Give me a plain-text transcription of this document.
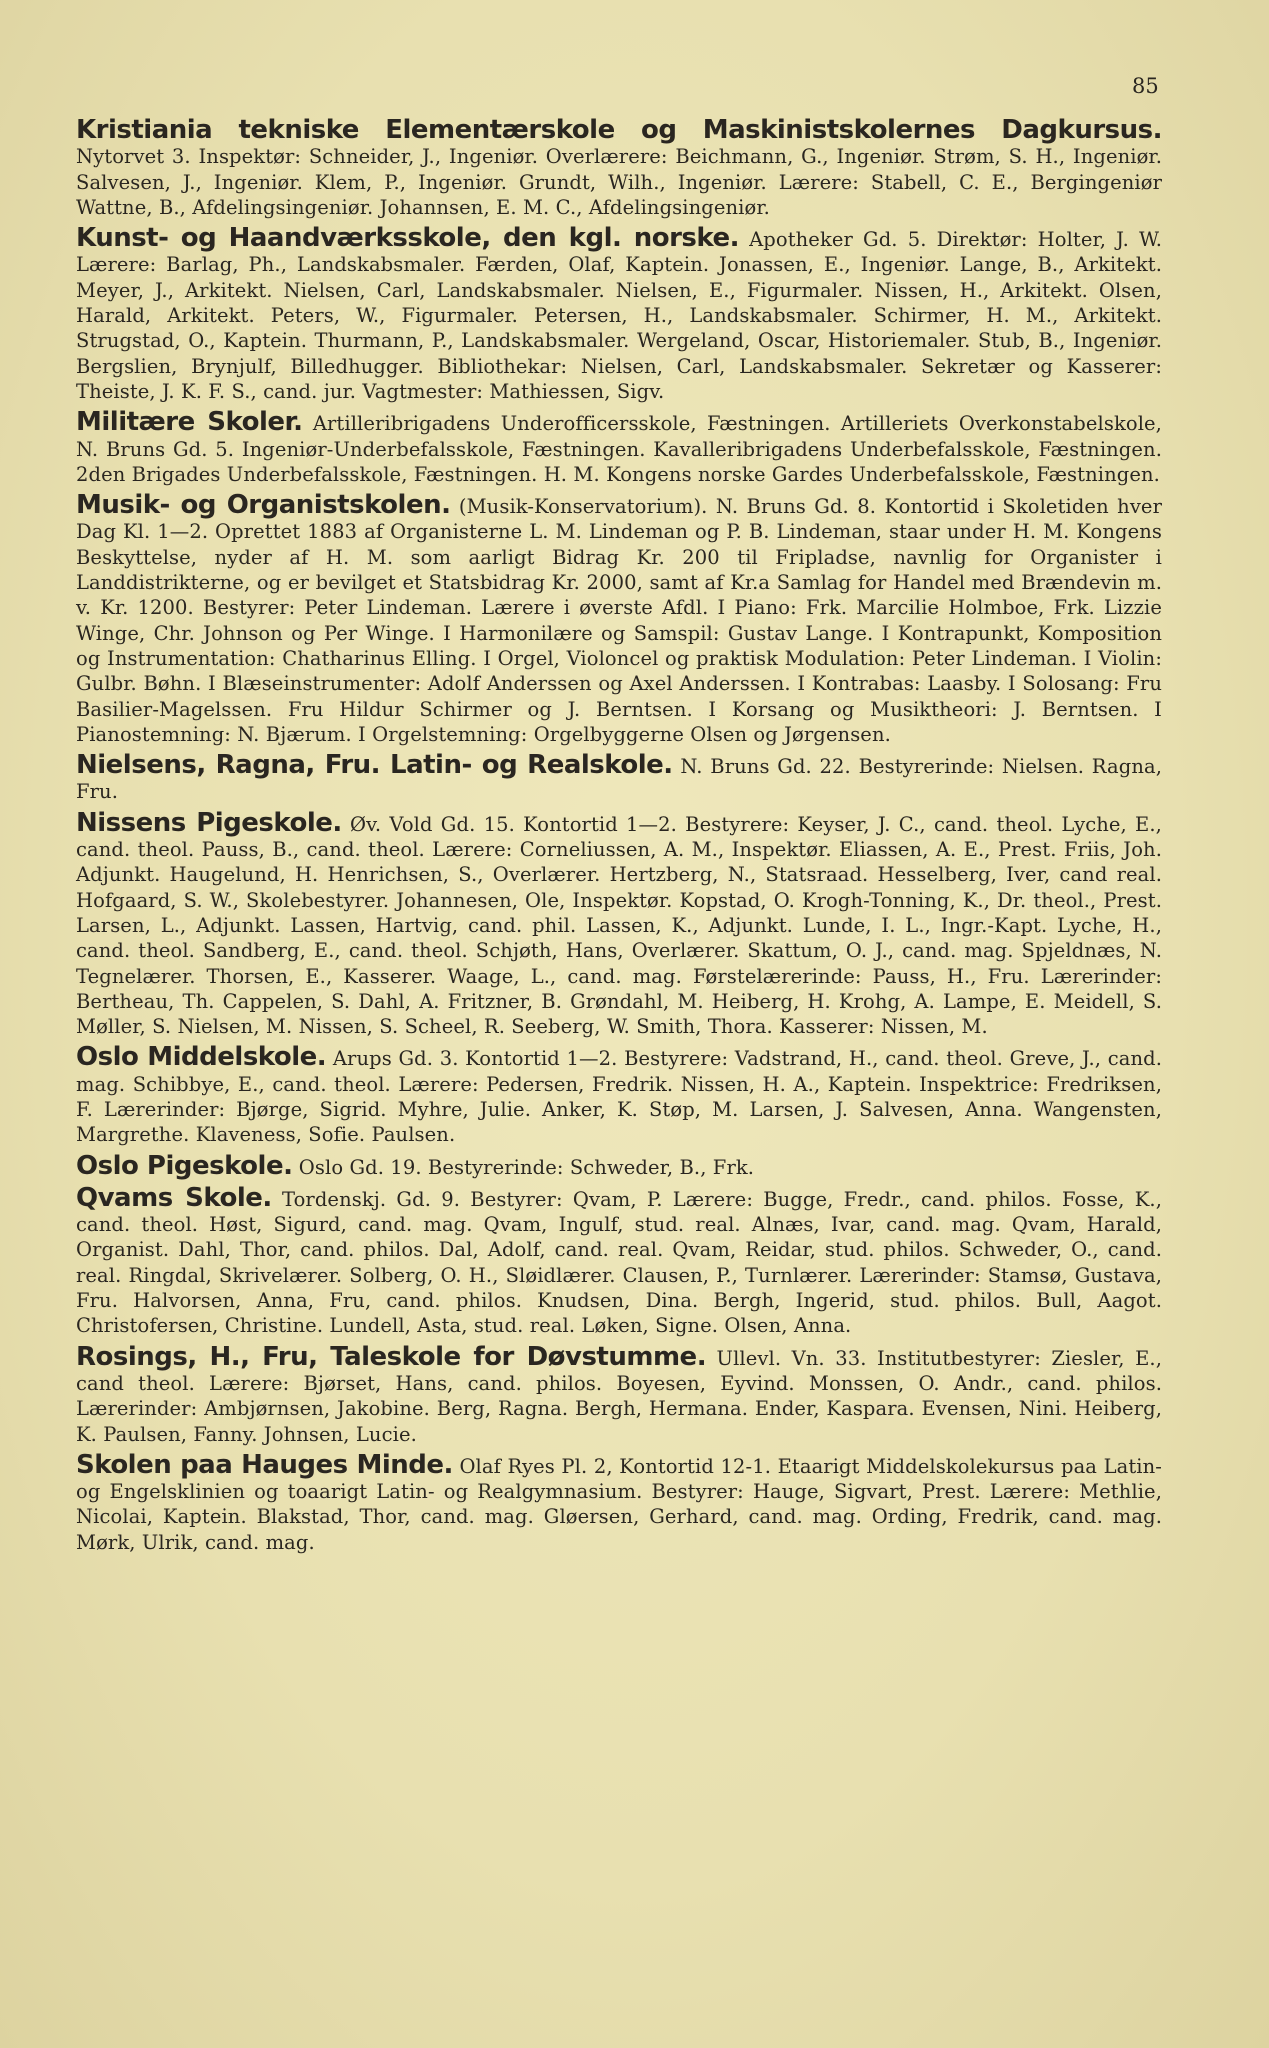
85

Kristiania tekniske Elementærskole og Maskinistskolernes Dagkursus. Nytorvet 3. Inspektør: Schneider, J., Ingeniør. Overlærere: Beichmann, G., Ingeniør. Strøm, S. H., Ingeniør. Salvesen, J., Ingeniør. Klem, P., Ingeniør. Grundt, Wilh., Ingeniør. Lærere: Stabell, C. E., Bergingeniør Wattne, B., Afdelingsingeniør. Johannsen, E. M. C., Afdelingsingeniør.

Kunst- og Haandværksskole, den kgl. norske. Apotheker Gd. 5. Direktør: Holter, J. W. Lærere: Barlag, Ph., Landskabsmaler. Færden, Olaf, Kaptein. Jonassen, E., Ingeniør. Lange, B., Arkitekt. Meyer, J., Arkitekt. Nielsen, Carl, Landskabsmaler. Nielsen, E., Figurmaler. Nissen, H., Arkitekt. Olsen, Harald, Arkitekt. Peters, W., Figurmaler. Petersen, H., Landskabsmaler. Schirmer, H. M., Arkitekt. Strugstad, O., Kaptein. Thurmann, P., Landskabsmaler. Wergeland, Oscar, Historiemaler. Stub, B., Ingeniør. Bergslien, Brynjulf, Billedhugger. Bibliothekar: Nielsen, Carl, Landskabsmaler. Sekretær og Kasserer: Theiste, J. K. F. S., cand. jur. Vagtmester: Mathiessen, Sigv.

Militære Skoler. Artilleribrigadens Underofficersskole, Fæstningen. Artilleriets Overkonstabelskole, N. Bruns Gd. 5. Ingeniør-Underbefalsskole, Fæstningen. Kavalleribrigadens Underbefalsskole, Fæstningen. 2den Brigades Underbefalsskole, Fæstningen. H. M. Kongens norske Gardes Underbefalsskole, Fæstningen.

Musik- og Organistskolen. (Musik-Konservatorium). N. Bruns Gd. 8. Kontortid i Skoletiden hver Dag Kl. 1—2. Oprettet 1883 af Organisterne L. M. Lindeman og P. B. Lindeman, staar under H. M. Kongens Beskyttelse, nyder af H. M. som aarligt Bidrag Kr. 200 til Fripladse, navnlig for Organister i Landdistrikterne, og er bevilget et Statsbidrag Kr. 2000, samt af Kr.a Samlag for Handel med Brændevin m. v. Kr. 1200. Bestyrer: Peter Lindeman. Lærere i øverste Afdl. I Piano: Frk. Marcilie Holmboe, Frk. Lizzie Winge, Chr. Johnson og Per Winge. I Harmonilære og Samspil: Gustav Lange. I Kontrapunkt, Komposition og Instrumentation: Chatharinus Elling. I Orgel, Violoncel og praktisk Modulation: Peter Lindeman. I Violin: Gulbr. Bøhn. I Blæseinstrumenter: Adolf Anderssen og Axel Anderssen. I Kontrabas: Laasby. I Solosang: Fru Basilier-Magelssen. Fru Hildur Schirmer og J. Berntsen. I Korsang og Musiktheori: J. Berntsen. I Pianostemning: N. Bjærum. I Orgelstemning: Orgelbyggerne Olsen og Jørgensen.

Nielsens, Ragna, Fru. Latin- og Realskole. N. Bruns Gd. 22. Bestyrerinde: Nielsen. Ragna, Fru.

Nissens Pigeskole. Øv. Vold Gd. 15. Kontortid 1—2. Bestyrere: Keyser, J. C., cand. theol. Lyche, E., cand. theol. Pauss, B., cand. theol. Lærere: Corneliussen, A. M., Inspektør. Eliassen, A. E., Prest. Friis, Joh. Adjunkt. Haugelund, H. Henrichsen, S., Overlærer. Hertzberg, N., Statsraad. Hesselberg, Iver, cand real. Hofgaard, S. W., Skolebestyrer. Johannesen, Ole, Inspektør. Kopstad, O. Krogh-Tonning, K., Dr. theol., Prest. Larsen, L., Adjunkt. Lassen, Hartvig, cand. phil. Lassen, K., Adjunkt. Lunde, I. L., Ingr.-Kapt. Lyche, H., cand. theol. Sandberg, E., cand. theol. Schjøth, Hans, Overlærer. Skattum, O. J., cand. mag. Spjeldnæs, N. Tegnelærer. Thorsen, E., Kasserer. Waage, L., cand. mag. Førstelærerinde: Pauss, H., Fru. Lærerinder: Bertheau, Th. Cappelen, S. Dahl, A. Fritzner, B. Grøndahl, M. Heiberg, H. Krohg, A. Lampe, E. Meidell, S. Møller, S. Nielsen, M. Nissen, S. Scheel, R. Seeberg, W. Smith, Thora. Kasserer: Nissen, M.

Oslo Middelskole. Arups Gd. 3. Kontortid 1—2. Bestyrere: Vadstrand, H., cand. theol. Greve, J., cand. mag. Schibbye, E., cand. theol. Lærere: Pedersen, Fredrik. Nissen, H. A., Kaptein. Inspektrice: Fredriksen, F. Lærerinder: Bjørge, Sigrid. Myhre, Julie. Anker, K. Støp, M. Larsen, J. Salvesen, Anna. Wangensten, Margrethe. Klaveness, Sofie. Paulsen.

Oslo Pigeskole. Oslo Gd. 19. Bestyrerinde: Schweder, B., Frk.

Qvams Skole. Tordenskj. Gd. 9. Bestyrer: Qvam, P. Lærere: Bugge, Fredr., cand. philos. Fosse, K., cand. theol. Høst, Sigurd, cand. mag. Qvam, Ingulf, stud. real. Alnæs, Ivar, cand. mag. Qvam, Harald, Organist. Dahl, Thor, cand. philos. Dal, Adolf, cand. real. Qvam, Reidar, stud. philos. Schweder, O., cand. real. Ringdal, Skrivelærer. Solberg, O. H., Sløidlærer. Clausen, P., Turnlærer. Lærerinder: Stamsø, Gustava, Fru. Halvorsen, Anna, Fru, cand. philos. Knudsen, Dina. Bergh, Ingerid, stud. philos. Bull, Aagot. Christofersen, Christine. Lundell, Asta, stud. real. Løken, Signe. Olsen, Anna.

Rosings, H., Fru, Taleskole for Døvstumme. Ullevl. Vn. 33. Institutbestyrer: Ziesler, E., cand theol. Lærere: Bjørset, Hans, cand. philos. Boyesen, Eyvind. Monssen, O. Andr., cand. philos. Lærerinder: Ambjørnsen, Jakobine. Berg, Ragna. Bergh, Hermana. Ender, Kaspara. Evensen, Nini. Heiberg, K. Paulsen, Fanny. Johnsen, Lucie.

Skolen paa Hauges Minde. Olaf Ryes Pl. 2, Kontortid 12-1. Etaarigt Middelskolekursus paa Latin- og Engelsklinien og toaarigt Latin- og Realgymnasium. Bestyrer: Hauge, Sigvart, Prest. Lærere: Methlie, Nicolai, Kaptein. Blakstad, Thor, cand. mag. Gløersen, Gerhard, cand. mag. Ording, Fredrik, cand. mag. Mørk, Ulrik, cand. mag.
